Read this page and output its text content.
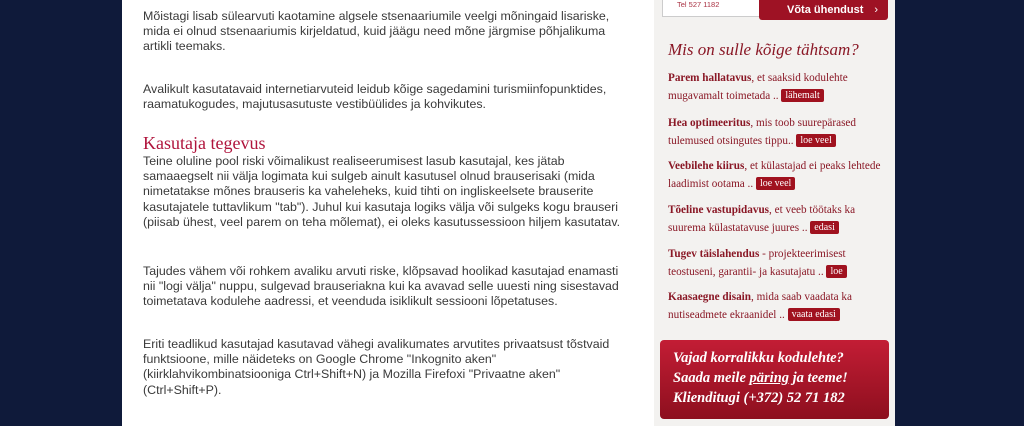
Mõistagi lisab sülearvuti kaotamine algsele stsenaariumile veelgi mõningaid lisariske, mida ei olnud stsenaariumis kirjeldatud, kuid jäägu need mõne järgmise põhjalikuma artikli teemaks.

Avalikult kasutatavaid internetiarvuteid leidub kõige sagedamini turismiinfopunktides, raamatukogudes, majutusasutuste vestibüülides ja kohvikutes.

Kasutaja tegevus

Teine oluline pool riski võimalikust realiseerumisest lasub kasutajal, kes jätab samaaegselt nii välja logimata kui sulgeb ainult kasutusel olnud brauserisaki (mida nimetatakse mõnes brauseris ka vaheleheks, kuid tihti on ingliskeelsete brauserite kasutajatele tuttavlikum "tab"). Juhul kui kasutaja logiks välja või sulgeks kogu brauseri (piisab ühest, veel parem on teha mõlemat), ei oleks kasutussessioon hiljem kasutatav.

Tajudes vähem või rohkem avaliku arvuti riske, klõpsavad hoolikad kasutajad enamasti nii "logi välja" nuppu, sulgevad brauseriakna kui ka avavad selle uuesti ning sisestavad toimetatava kodulehe aadressi, et veenduda isiklikult sessiooni lõpetatuses.

Eriti teadlikud kasutajad kasutavad vähegi avalikumates arvutites privaatsust tõstvaid funktsioone, mille näideteks on Google Chrome "Inkognito aken" (kiirklahvikombinatsiooniga Ctrl+Shift+N) ja Mozilla Firefoxi "Privaatne aken" (Ctrl+Shift+P).

Tel 527 1182	Võta ühendust ›
Mis on sulle kõige tähtsam?
Parem hallatavus, et saaksid kodulehte mugavamalt toimetada .. lähemalt
Hea optimeeritus, mis toob suurepärased tulemused otsingutes tippu.. loe veel
Veebilehe kiirus, et külastajad ei peaks lehtede laadimist ootama .. loe veel
Tõeline vastupidavus, et veeb töötaks ka suurema külastatavuse juures .. edasi
Tugev täislahendus - projekteerimisest teostuseni, garantii- ja kasutajatu .. loe
Kaasaegne disain, mida saab vaadata ka nutiseadmete ekraanidel .. vaata edasi
Vajad korralikku kodulehte?
Saada meile päring ja teeme!
Klienditugi (+372) 52 71 182
